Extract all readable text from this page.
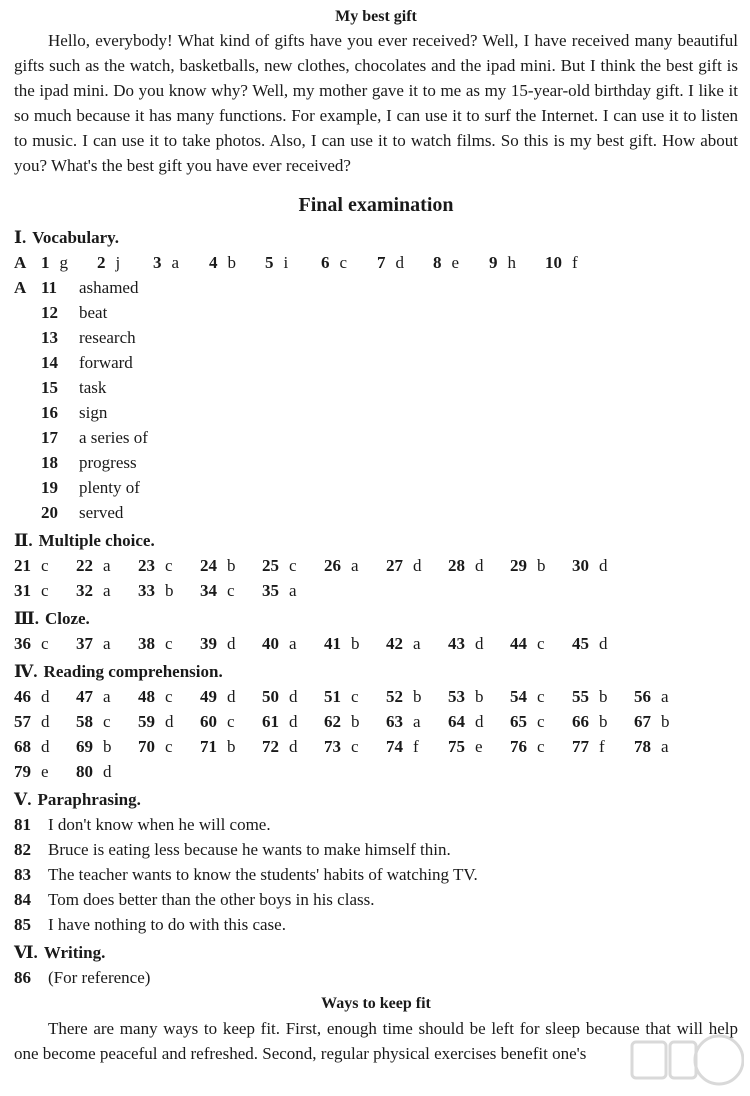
My best gift

Hello, everybody! What kind of gifts have you ever received? Well, I have received many beautiful gifts such as the watch, basketballs, new clothes, chocolates and the ipad mini. But I think the best gift is the ipad mini. Do you know why? Well, my mother gave it to me as my 15-year-old birthday gift. I like it so much because it has many functions. For example, I can use it to surf the Internet. I can use it to listen to music. I can use it to take photos. Also, I can use it to watch films. So this is my best gift. How about you? What's the best gift you have ever received?

Final examination
Ⅰ. Vocabulary.
A 1 g 2 j 3 a 4 b 5 i 6 c 7 d 8 e 9 h 10 f
A 11 ashamed
12 beat
13 research
14 forward
15 task
16 sign
17 a series of
18 progress
19 plenty of
20 served
Ⅱ. Multiple choice.
21 c 22 a 23 c 24 b 25 c 26 a 27 d 28 d 29 b 30 d
31 c 32 a 33 b 34 c 35 a
Ⅲ. Cloze.
36 c 37 a 38 c 39 d 40 a 41 b 42 a 43 d 44 c 45 d
Ⅳ. Reading comprehension.
46 d 47 a 48 c 49 d 50 d 51 c 52 b 53 b 54 c 55 b 56 a
57 d 58 c 59 d 60 c 61 d 62 b 63 a 64 d 65 c 66 b 67 b
68 d 69 b 70 c 71 b 72 d 73 c 74 f 75 e 76 c 77 f 78 a
79 e 80 d
Ⅴ. Paraphrasing.
81 I don't know when he will come.
82 Bruce is eating less because he wants to make himself thin.
83 The teacher wants to know the students' habits of watching TV.
84 Tom does better than the other boys in his class.
85 I have nothing to do with this case.
Ⅵ. Writing.
86 (For reference)
Ways to keep fit

There are many ways to keep fit. First, enough time should be left for sleep because that will help one become peaceful and refreshed. Second, regular physical exercises benefit one's
